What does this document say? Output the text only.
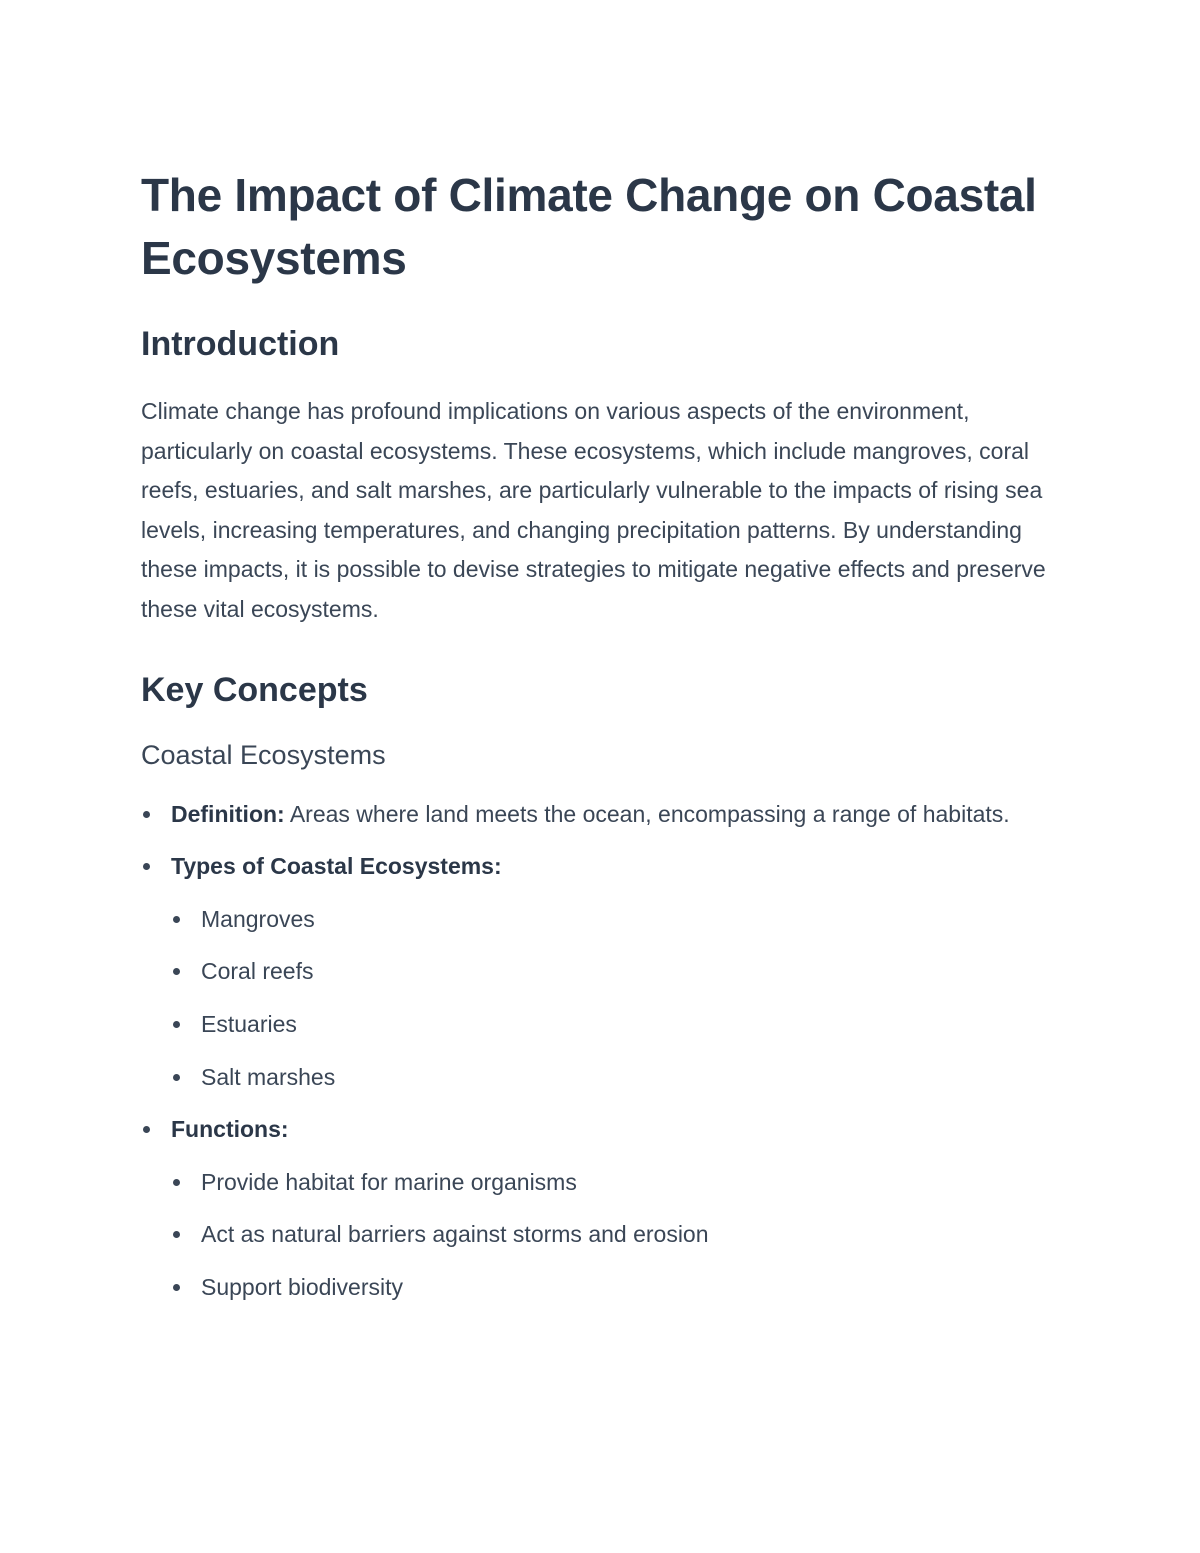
The Impact of Climate Change on Coastal Ecosystems
Introduction

Climate change has profound implications on various aspects of the environment, particularly on coastal ecosystems. These ecosystems, which include mangroves, coral reefs, estuaries, and salt marshes, are particularly vulnerable to the impacts of rising sea levels, increasing temperatures, and changing precipitation patterns. By understanding these impacts, it is possible to devise strategies to mitigate negative effects and preserve these vital ecosystems.

Key Concepts
Coastal Ecosystems
Definition: Areas where land meets the ocean, encompassing a range of habitats.
Types of Coastal Ecosystems:
Mangroves
Coral reefs
Estuaries
Salt marshes
Functions:
Provide habitat for marine organisms
Act as natural barriers against storms and erosion
Support biodiversity
